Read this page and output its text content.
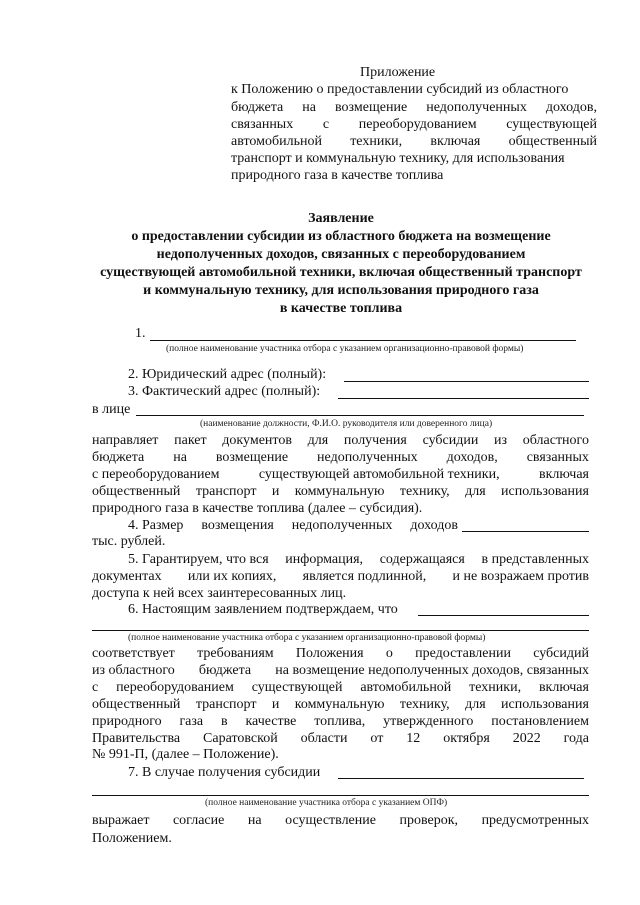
Приложение
к Положению о предоставлении субсидий из областного
бюджета на возмещение недополученных доходов,
связанных с переоборудованием существующей
автомобильной техники, включая общественный
транспорт и коммунальную технику, для использования
природного газа в качестве топлива
Заявление
о предоставлении субсидии из областного бюджета на возмещение
недополученных доходов, связанных с переоборудованием
существующей автомобильной техники, включая общественный транспорт
и коммунальную технику, для использования природного газа
в качестве топлива
1.
(полное наименование участника отбора с указанием организационно-правовой формы)
2. Юридический адрес (полный):
3. Фактический адрес (полный):
в лице
(наименование должности, Ф.И.О. руководителя или доверенного лица)
направляет пакет документов для получения субсидии из областного
бюджета на возмещение недополученных доходов, связанных
с переоборудованием	существующей автомобильной техники,	включая
общественный транспорт и коммунальную технику, для использования
природного газа в качестве топлива (далее – субсидия).
4. Размер возмещения недополученных доходов
тыс. рублей.
5. Гарантируем, что вся информация, содержащаяся в представленных
документах или их копиях, является подлинной, и не возражаем против
доступа к ней всех заинтересованных лиц.
6. Настоящим заявлением подтверждаем, что
(полное наименование участника отбора с указанием организационно-правовой формы)
соответствует требованиям Положения о предоставлении субсидий
из областного бюджета на возмещение недополученных доходов, связанных
с переоборудованием существующей автомобильной техники, включая
общественный транспорт и коммунальную технику, для использования
природного газа в качестве топлива, утвержденного постановлением
Правительства Саратовской области от 12 октября 2022 года
№ 991-П, (далее – Положение).
7. В случае получения субсидии
(полное наименование участника отбора с указанием ОПФ)
выражает согласие на осуществление проверок, предусмотренных
Положением.
